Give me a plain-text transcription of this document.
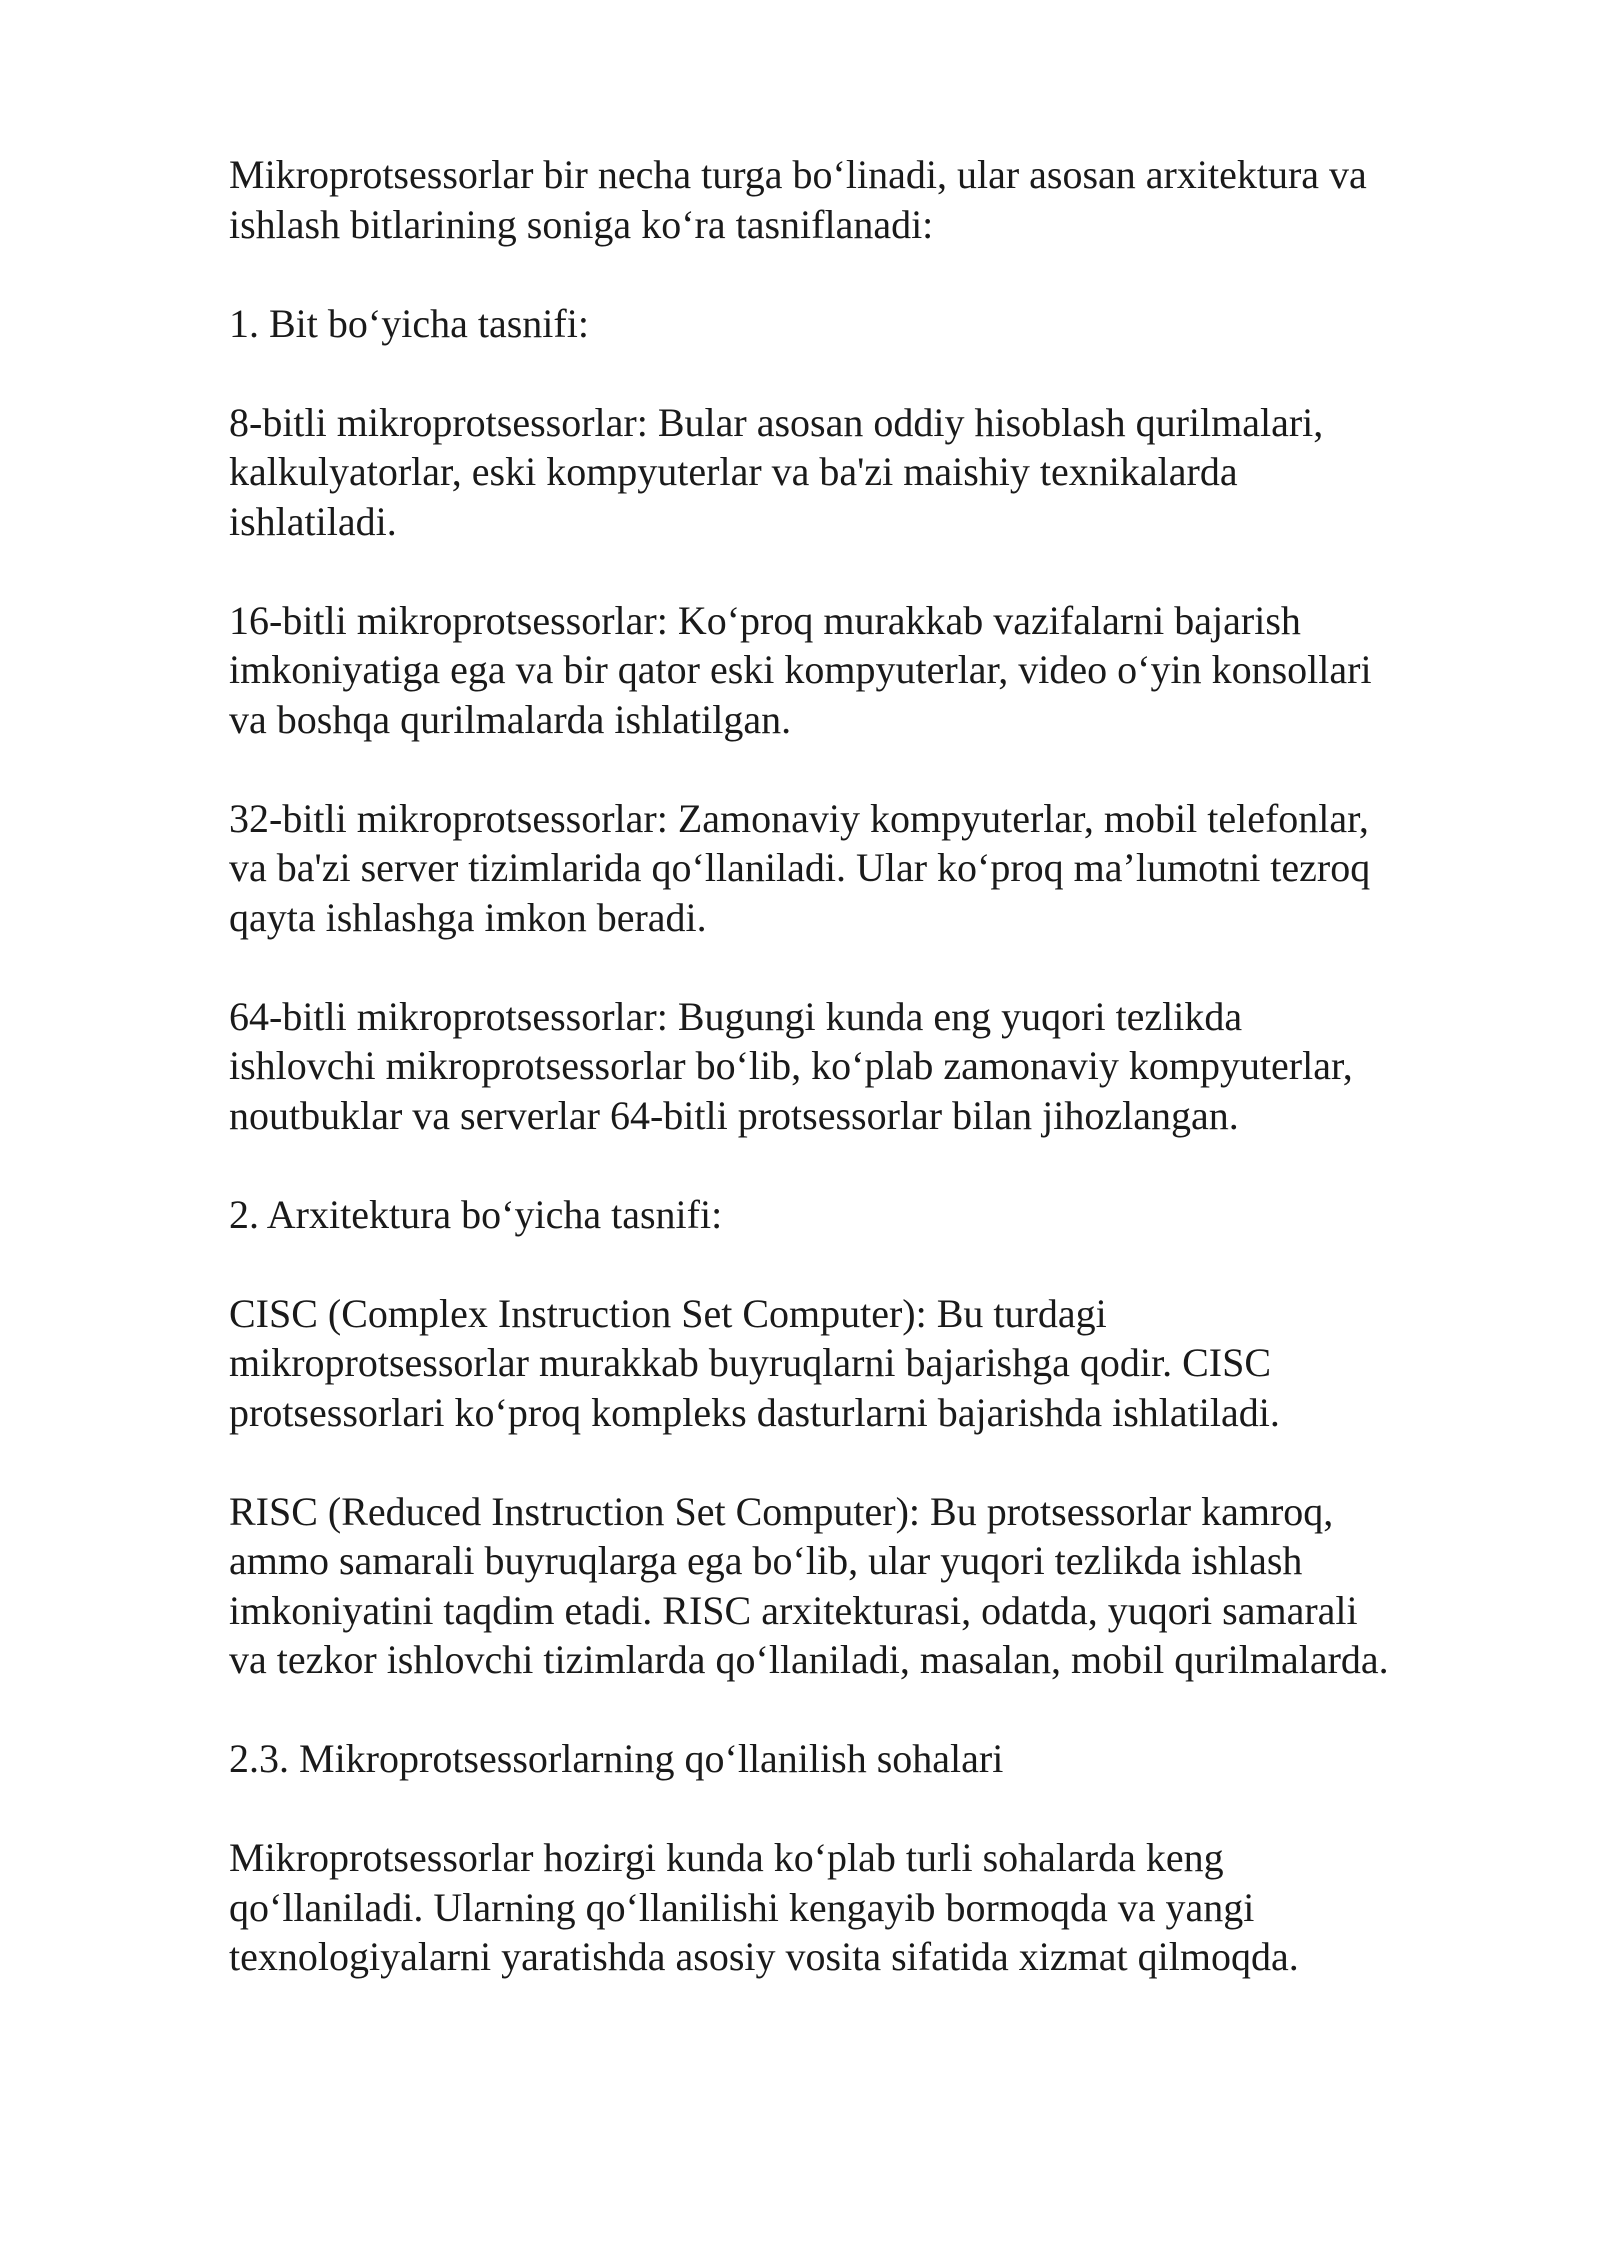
Mikroprotsessorlar bir necha turga bo‘linadi, ular asosan arxitektura va
ishlash bitlarining soniga ko‘ra tasniflanadi:

1. Bit bo‘yicha tasnifi:

8-bitli mikroprotsessorlar: Bular asosan oddiy hisoblash qurilmalari,
kalkulyatorlar, eski kompyuterlar va ba'zi maishiy texnikalarda
ishlatiladi.

16-bitli mikroprotsessorlar: Ko‘proq murakkab vazifalarni bajarish
imkoniyatiga ega va bir qator eski kompyuterlar, video o‘yin konsollari
va boshqa qurilmalarda ishlatilgan.

32-bitli mikroprotsessorlar: Zamonaviy kompyuterlar, mobil telefonlar,
va ba'zi server tizimlarida qo‘llaniladi. Ular ko‘proq ma’lumotni tezroq
qayta ishlashga imkon beradi.

64-bitli mikroprotsessorlar: Bugungi kunda eng yuqori tezlikda
ishlovchi mikroprotsessorlar bo‘lib, ko‘plab zamonaviy kompyuterlar,
noutbuklar va serverlar 64-bitli protsessorlar bilan jihozlangan.

2. Arxitektura bo‘yicha tasnifi:

CISC (Complex Instruction Set Computer): Bu turdagi
mikroprotsessorlar murakkab buyruqlarni bajarishga qodir. CISC
protsessorlari ko‘proq kompleks dasturlarni bajarishda ishlatiladi.

RISC (Reduced Instruction Set Computer): Bu protsessorlar kamroq,
ammo samarali buyruqlarga ega bo‘lib, ular yuqori tezlikda ishlash
imkoniyatini taqdim etadi. RISC arxitekturasi, odatda, yuqori samarali
va tezkor ishlovchi tizimlarda qo‘llaniladi, masalan, mobil qurilmalarda.

2.3. Mikroprotsessorlarning qo‘llanilish sohalari

Mikroprotsessorlar hozirgi kunda ko‘plab turli sohalarda keng
qo‘llaniladi. Ularning qo‘llanilishi kengayib bormoqda va yangi
texnologiyalarni yaratishda asosiy vosita sifatida xizmat qilmoqda.
